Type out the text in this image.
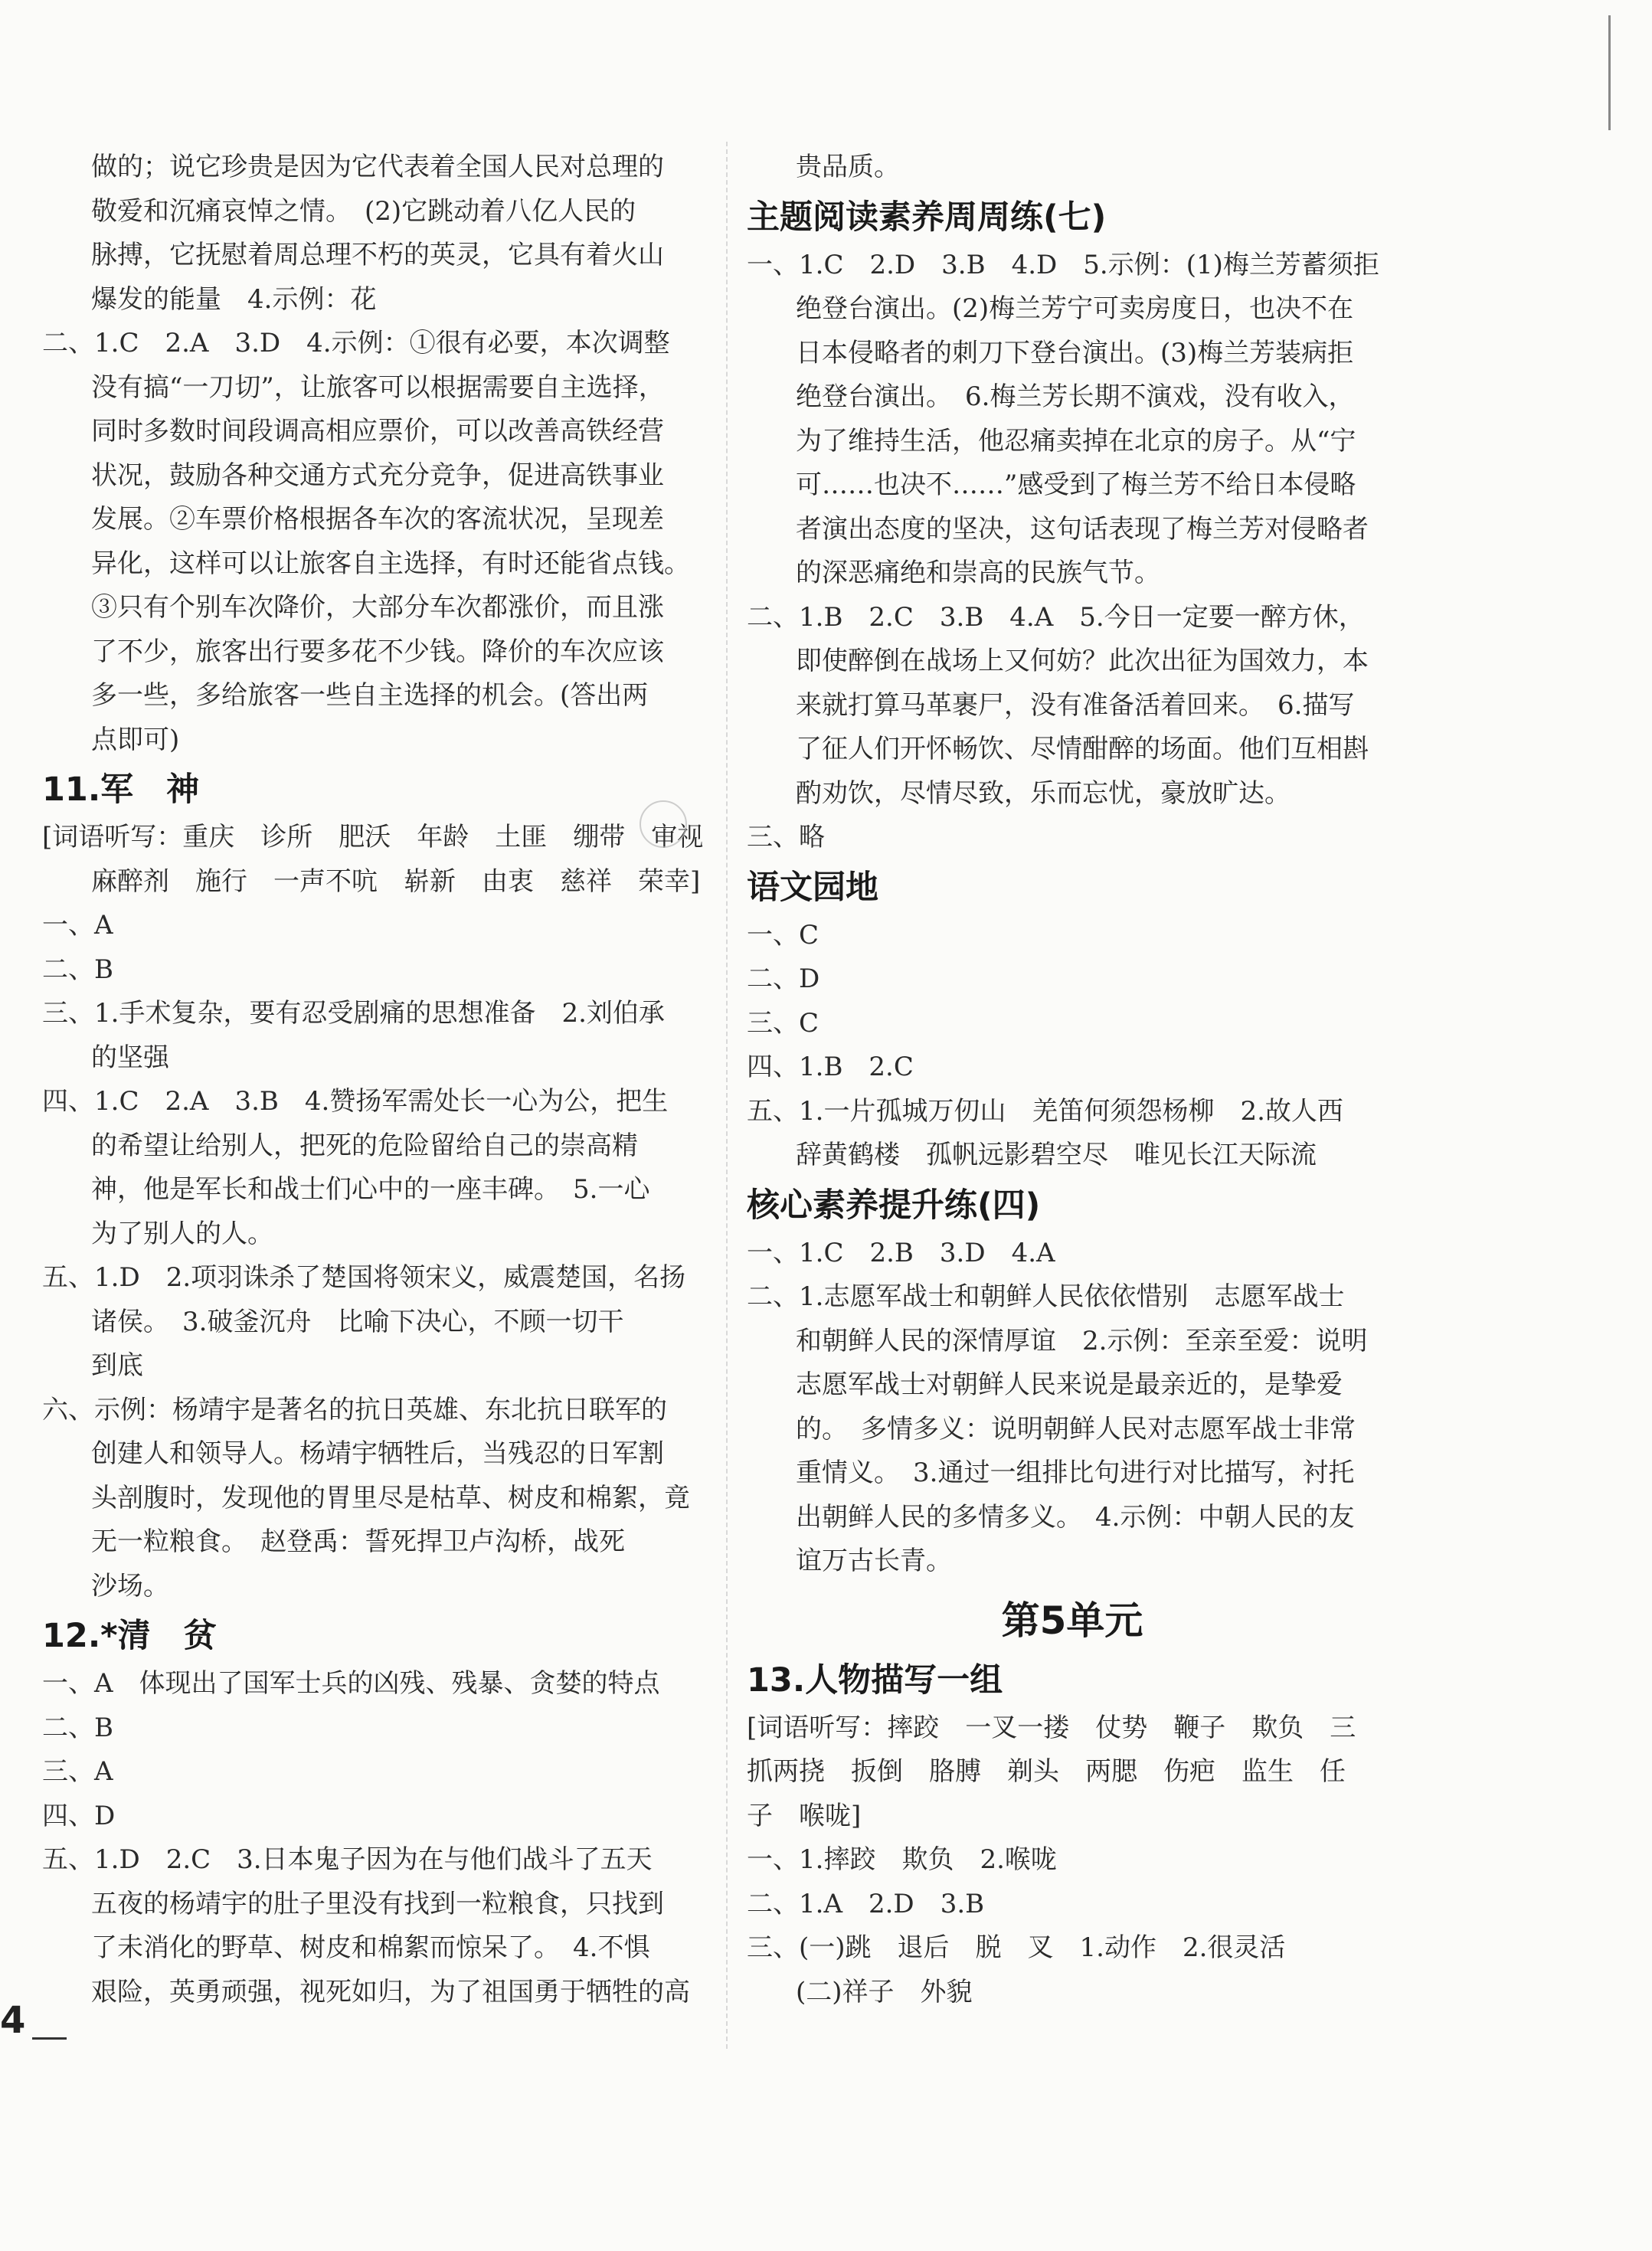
做的；说它珍贵是因为它代表着全国人民对总理的
敬爱和沉痛哀悼之情。　(2)它跳动着八亿人民的
脉搏，它抚慰着周总理不朽的英灵，它具有着火山
爆发的能量　4.示例：花
二、1.C　2.A　3.D　4.示例：①很有必要，本次调整
没有搞“一刀切”，让旅客可以根据需要自主选择，
同时多数时间段调高相应票价，可以改善高铁经营
状况，鼓励各种交通方式充分竞争，促进高铁事业
发展。②车票价格根据各车次的客流状况，呈现差
异化，这样可以让旅客自主选择，有时还能省点钱。
③只有个别车次降价，大部分车次都涨价，而且涨
了不少，旅客出行要多花不少钱。降价的车次应该
多一些，多给旅客一些自主选择的机会。(答出两
点即可)
11.军　神
[词语听写：重庆　诊所　肥沃　年龄　土匪　绷带　审视
麻醉剂　施行　一声不吭　崭新　由衷　慈祥　荣幸]
一、A
二、B
三、1.手术复杂，要有忍受剧痛的思想准备　2.刘伯承
的坚强
四、1.C　2.A　3.B　4.赞扬军需处长一心为公，把生
的希望让给别人，把死的危险留给自己的崇高精
神，他是军长和战士们心中的一座丰碑。　5.一心
为了别人的人。
五、1.D　2.项羽诛杀了楚国将领宋义，威震楚国，名扬
诸侯。　3.破釜沉舟　比喻下决心，不顾一切干
到底
六、示例：杨靖宇是著名的抗日英雄、东北抗日联军的
创建人和领导人。杨靖宇牺牲后，当残忍的日军割
头剖腹时，发现他的胃里尽是枯草、树皮和棉絮，竟
无一粒粮食。　赵登禹：誓死捍卫卢沟桥，战死
沙场。
12.*清　贫
一、A　体现出了国军士兵的凶残、残暴、贪婪的特点
二、B
三、A
四、D
五、1.D　2.C　3.日本鬼子因为在与他们战斗了五天
五夜的杨靖宇的肚子里没有找到一粒粮食，只找到
了未消化的野草、树皮和棉絮而惊呆了。　4.不惧
艰险，英勇顽强，视死如归，为了祖国勇于牺牲的高
贵品质。
主题阅读素养周周练(七)
一、1.C　2.D　3.B　4.D　5.示例：(1)梅兰芳蓄须拒
绝登台演出。(2)梅兰芳宁可卖房度日，也决不在
日本侵略者的刺刀下登台演出。(3)梅兰芳装病拒
绝登台演出。　6.梅兰芳长期不演戏，没有收入，
为了维持生活，他忍痛卖掉在北京的房子。从“宁
可……也决不……”感受到了梅兰芳不给日本侵略
者演出态度的坚决，这句话表现了梅兰芳对侵略者
的深恶痛绝和崇高的民族气节。
二、1.B　2.C　3.B　4.A　5.今日一定要一醉方休，
即使醉倒在战场上又何妨？此次出征为国效力，本
来就打算马革裹尸，没有准备活着回来。　6.描写
了征人们开怀畅饮、尽情酣醉的场面。他们互相斟
酌劝饮，尽情尽致，乐而忘忧，豪放旷达。
三、略
语文园地
一、C
二、D
三、C
四、1.B　2.C
五、1.一片孤城万仞山　羌笛何须怨杨柳　2.故人西
辞黄鹤楼　孤帆远影碧空尽　唯见长江天际流
核心素养提升练(四)
一、1.C　2.B　3.D　4.A
二、1.志愿军战士和朝鲜人民依依惜别　志愿军战士
和朝鲜人民的深情厚谊　2.示例：至亲至爱：说明
志愿军战士对朝鲜人民来说是最亲近的，是挚爱
的。　多情多义：说明朝鲜人民对志愿军战士非常
重情义。　3.通过一组排比句进行对比描写，衬托
出朝鲜人民的多情多义。　4.示例：中朝人民的友
谊万古长青。
第5单元
13.人物描写一组
[词语听写：摔跤　一叉一搂　仗势　鞭子　欺负　三
抓两挠　扳倒　胳膊　剃头　两腮　伤疤　监生　任
子　喉咙]
一、1.摔跤　欺负　2.喉咙
二、1.A　2.D　3.B
三、(一)跳　退后　脱　叉　1.动作　2.很灵活
(二)祥子　外貌
4
